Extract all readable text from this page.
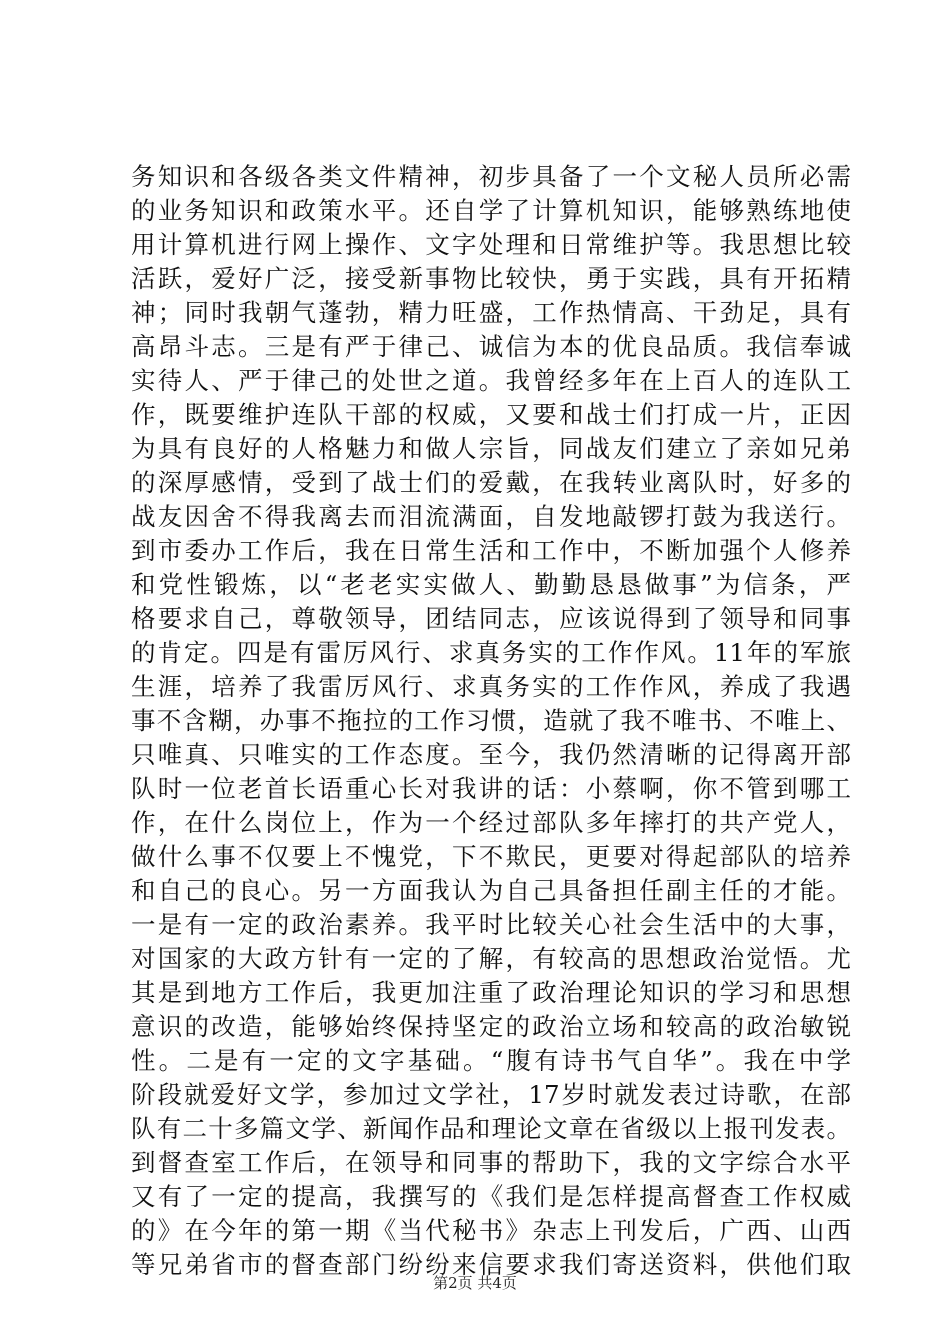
务知识和各级各类文件精神，初步具备了一个文秘人员所必需
的业务知识和政策水平。还自学了计算机知识，能够熟练地使
用计算机进行网上操作、文字处理和日常维护等。我思想比较
活跃，爱好广泛，接受新事物比较快，勇于实践，具有开拓精
神；同时我朝气蓬勃，精力旺盛，工作热情高、干劲足，具有
高昂斗志。三是有严于律己、诚信为本的优良品质。我信奉诚
实待人、严于律己的处世之道。我曾经多年在上百人的连队工
作，既要维护连队干部的权威，又要和战士们打成一片，正因
为具有良好的人格魅力和做人宗旨，同战友们建立了亲如兄弟
的深厚感情，受到了战士们的爱戴，在我转业离队时，好多的
战友因舍不得我离去而泪流满面，自发地敲锣打鼓为我送行。
到市委办工作后，我在日常生活和工作中，不断加强个人修养
和党性锻炼，以“老老实实做人、勤勤恳恳做事”为信条，严
格要求自己，尊敬领导，团结同志，应该说得到了领导和同事
的肯定。四是有雷厉风行、求真务实的工作作风。11年的军旅
生涯，培养了我雷厉风行、求真务实的工作作风，养成了我遇
事不含糊，办事不拖拉的工作习惯，造就了我不唯书、不唯上、
只唯真、只唯实的工作态度。至今，我仍然清晰的记得离开部
队时一位老首长语重心长对我讲的话：小蔡啊，你不管到哪工
作，在什么岗位上，作为一个经过部队多年摔打的共产党人，
做什么事不仅要上不愧党，下不欺民，更要对得起部队的培养
和自己的良心。另一方面我认为自己具备担任副主任的才能。
一是有一定的政治素养。我平时比较关心社会生活中的大事，
对国家的大政方针有一定的了解，有较高的思想政治觉悟。尤
其是到地方工作后，我更加注重了政治理论知识的学习和思想
意识的改造，能够始终保持坚定的政治立场和较高的政治敏锐
性。二是有一定的文字基础。“腹有诗书气自华”。我在中学
阶段就爱好文学，参加过文学社，17岁时就发表过诗歌，在部
队有二十多篇文学、新闻作品和理论文章在省级以上报刊发表。
到督查室工作后，在领导和同事的帮助下，我的文字综合水平
又有了一定的提高，我撰写的《我们是怎样提高督查工作权威
的》在今年的第一期《当代秘书》杂志上刊发后，广西、山西
等兄弟省市的督查部门纷纷来信要求我们寄送资料，供他们取
第2页 共4页
